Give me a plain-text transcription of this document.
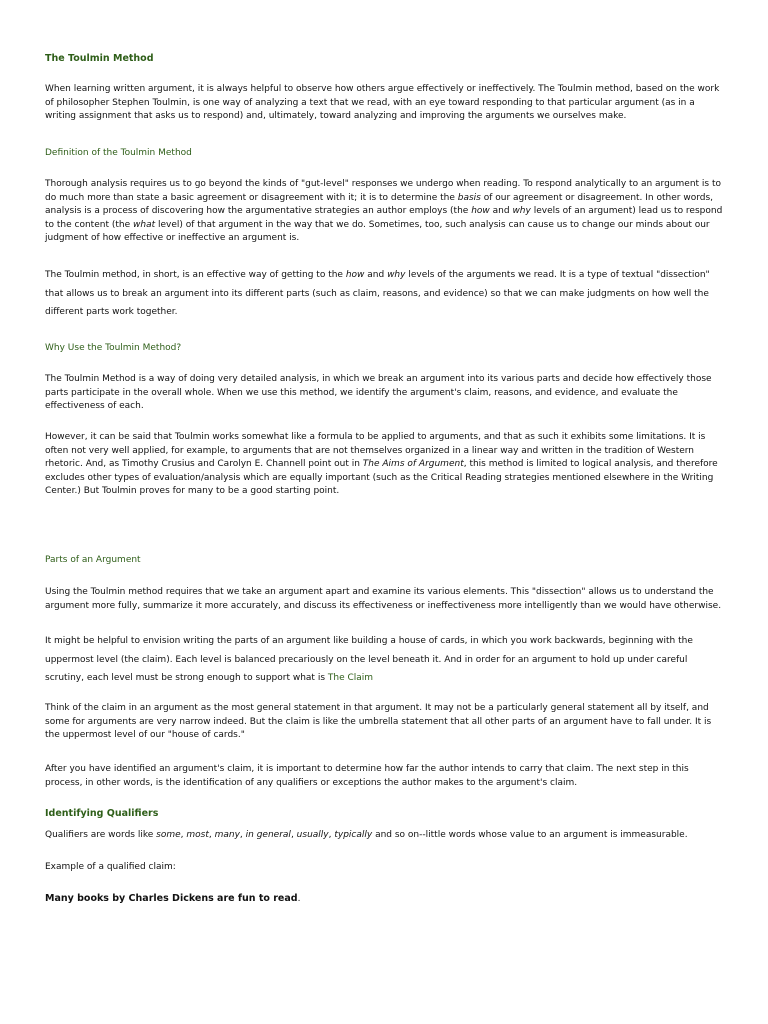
The Toulmin Method

When learning written argument, it is always helpful to observe how others argue effectively or ineffectively. The Toulmin method, based on the work of philosopher Stephen Toulmin, is one way of analyzing a text that we read, with an eye toward responding to that particular argument (as in a writing assignment that asks us to respond) and, ultimately, toward analyzing and improving the arguments we ourselves make.

Definition of the Toulmin Method

Thorough analysis requires us to go beyond the kinds of "gut-level" responses we undergo when reading. To respond analytically to an argument is to do much more than state a basic agreement or disagreement with it; it is to determine the basis of our agreement or disagreement. In other words, analysis is a process of discovering how the argumentative strategies an author employs (the how and why levels of an argument) lead us to respond to the content (the what level) of that argument in the way that we do. Sometimes, too, such analysis can cause us to change our minds about our judgment of how effective or ineffective an argument is.

The Toulmin method, in short, is an effective way of getting to the how and why levels of the arguments we read. It is a type of textual "dissection" that allows us to break an argument into its different parts (such as claim, reasons, and evidence) so that we can make judgments on how well the different parts work together.

Why Use the Toulmin Method?

The Toulmin Method is a way of doing very detailed analysis, in which we break an argument into its various parts and decide how effectively those parts participate in the overall whole. When we use this method, we identify the argument's claim, reasons, and evidence, and evaluate the effectiveness of each.

However, it can be said that Toulmin works somewhat like a formula to be applied to arguments, and that as such it exhibits some limitations. It is often not very well applied, for example, to arguments that are not themselves organized in a linear way and written in the tradition of Western rhetoric. And, as Timothy Crusius and Carolyn E. Channell point out in The Aims of Argument, this method is limited to logical analysis, and therefore excludes other types of evaluation/analysis which are equally important (such as the Critical Reading strategies mentioned elsewhere in the Writing Center.) But Toulmin proves for many to be a good starting point.

Parts of an Argument

Using the Toulmin method requires that we take an argument apart and examine its various elements. This "dissection" allows us to understand the argument more fully, summarize it more accurately, and discuss its effectiveness or ineffectiveness more intelligently than we would have otherwise.

It might be helpful to envision writing the parts of an argument like building a house of cards, in which you work backwards, beginning with the uppermost level (the claim). Each level is balanced precariously on the level beneath it. And in order for an argument to hold up under careful scrutiny, each level must be strong enough to support what is The Claim

Think of the claim in an argument as the most general statement in that argument. It may not be a particularly general statement all by itself, and some for arguments are very narrow indeed. But the claim is like the umbrella statement that all other parts of an argument have to fall under. It is the uppermost level of our "house of cards."

After you have identified an argument's claim, it is important to determine how far the author intends to carry that claim. The next step in this process, in other words, is the identification of any qualifiers or exceptions the author makes to the argument's claim.

Identifying Qualifiers

Qualifiers are words like some, most, many, in general, usually, typically and so on--little words whose value to an argument is immeasurable.

Example of a qualified claim:

Many books by Charles Dickens are fun to read.
